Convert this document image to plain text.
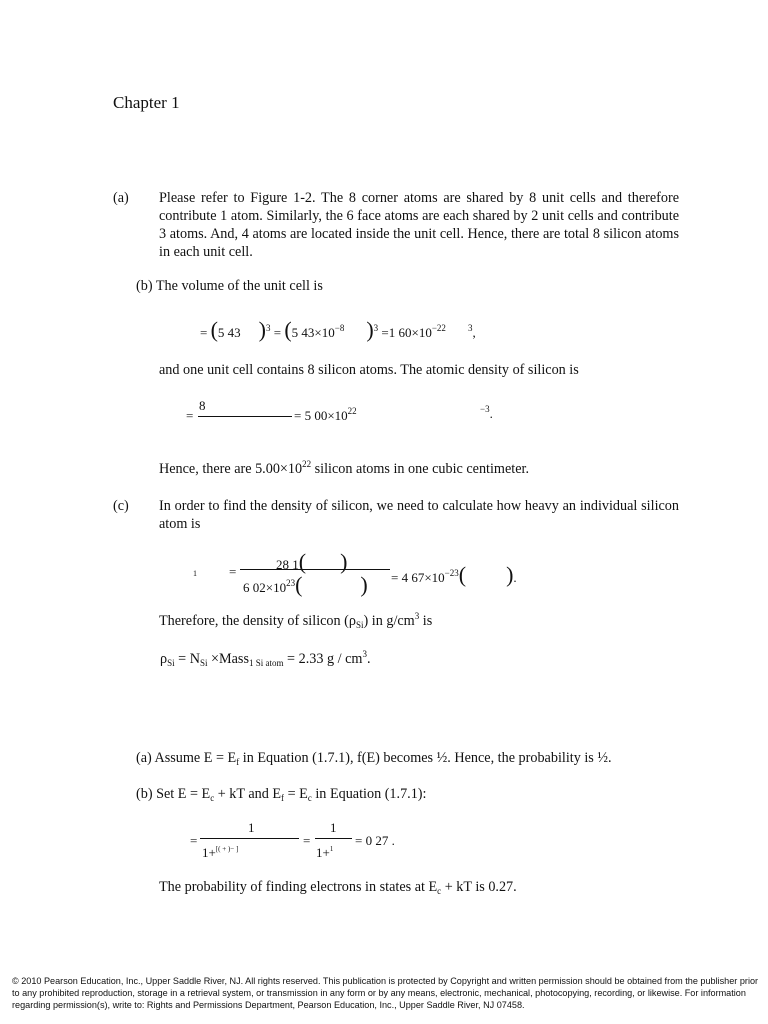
Chapter 1
(a) Please refer to Figure 1-2. The 8 corner atoms are shared by 8 unit cells and therefore contribute 1 atom. Similarly, the 6 face atoms are each shared by 2 unit cells and contribute 3 atoms. And, 4 atoms are located inside the unit cell. Hence, there are total 8 silicon atoms in each unit cell.
(b) The volume of the unit cell is
= (5 43 )$^3$ = (5 $43\times 10^{-8}$ )$^3$ =1 $60\times 10^{-22}$ $^3$,
and one unit cell contains 8 silicon atoms. The atomic density of silicon is
=
8
= 5 $00\times 10^{22}$	$^{-3}$.
Hence, there are $5.00\times 10^{22}$ silicon atoms in one cubic centimeter.
(c) In order to find the density of silicon, we need to calculate how heavy an individual silicon atom is
1 =	28 1( )
6 $02\times 10^{23}$(	) = 4 $67\times 10^{-23}$( ).
Therefore, the density of silicon $(\rho_{Si})$ in $g/cm^3$ is
$\rho_{Si} = N_{Si}$ ×Mass$_{1 Si atom}$ = 2.33 g / $cm^3$.
(a) Assume $E = E_f$ in Equation (1.7.1), f(E) becomes ½. Hence, the probability is ½.
(b) Set $E = E_c$ + kT and $E_f = E_c$ in Equation (1.7.1):
=
1
1+[( + )− ]
=
1
1+$^1$
= 0 27 .
The probability of finding electrons in states at $E_c$ + kT is 0.27.
© 2010 Pearson Education, Inc., Upper Saddle River, NJ. All rights reserved. This publication is protected by Copyright and written permission should be obtained from the publisher prior to any prohibited reproduction, storage in a retrieval system, or transmission in any form or by any means, electronic, mechanical, photocopying, recording, or likewise. For information regarding permission(s), write to: Rights and Permissions Department, Pearson Education, Inc., Upper Saddle River, NJ 07458.
